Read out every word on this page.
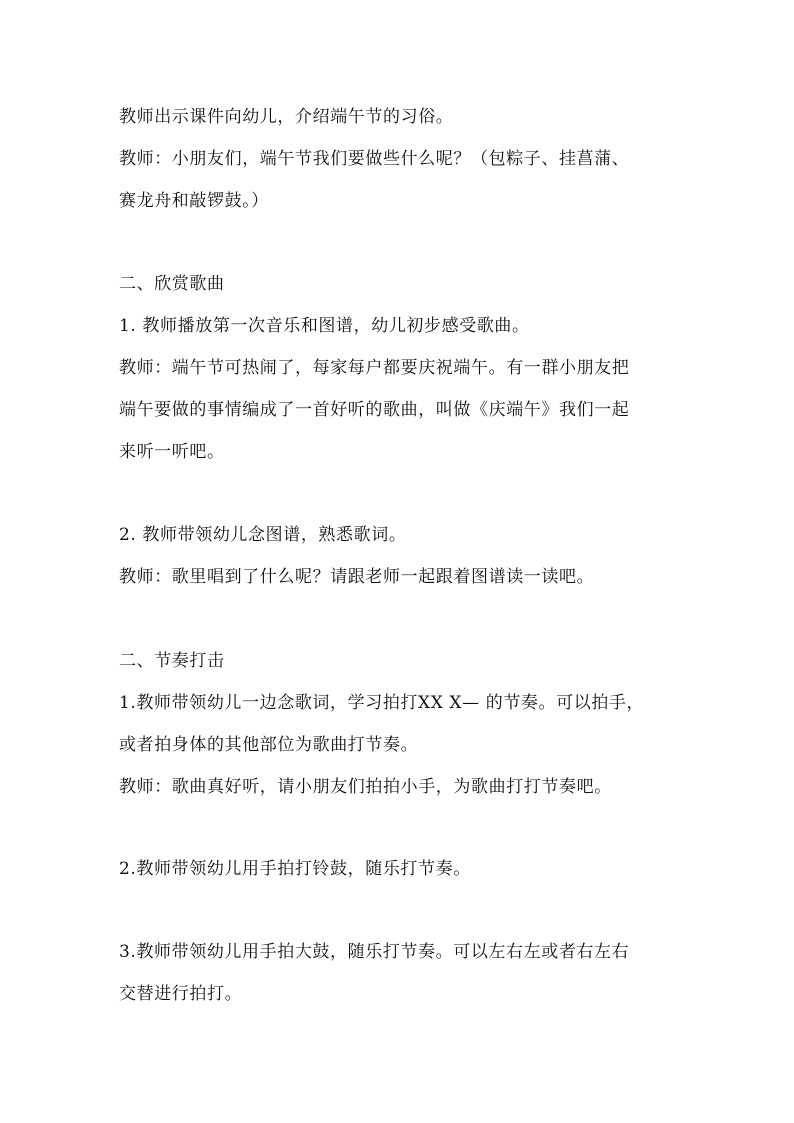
教师出示课件向幼儿，介绍端午节的习俗。
教师：小朋友们，端午节我们要做些什么呢？（包粽子、挂菖蒲、
赛龙舟和敲锣鼓。）
二、欣赏歌曲
1. 教师播放第一次音乐和图谱，幼儿初步感受歌曲。
教师：端午节可热闹了，每家每户都要庆祝端午。有一群小朋友把
端午要做的事情编成了一首好听的歌曲，叫做《庆端午》我们一起
来听一听吧。
2. 教师带领幼儿念图谱，熟悉歌词。
教师：歌里唱到了什么呢？请跟老师一起跟着图谱读一读吧。
二、节奏打击
1.教师带领幼儿一边念歌词，学习拍打XX X— 的节奏。可以拍手，
或者拍身体的其他部位为歌曲打节奏。
教师：歌曲真好听，请小朋友们拍拍小手，为歌曲打打节奏吧。
2.教师带领幼儿用手拍打铃鼓，随乐打节奏。
3.教师带领幼儿用手拍大鼓，随乐打节奏。可以左右左或者右左右
交替进行拍打。
